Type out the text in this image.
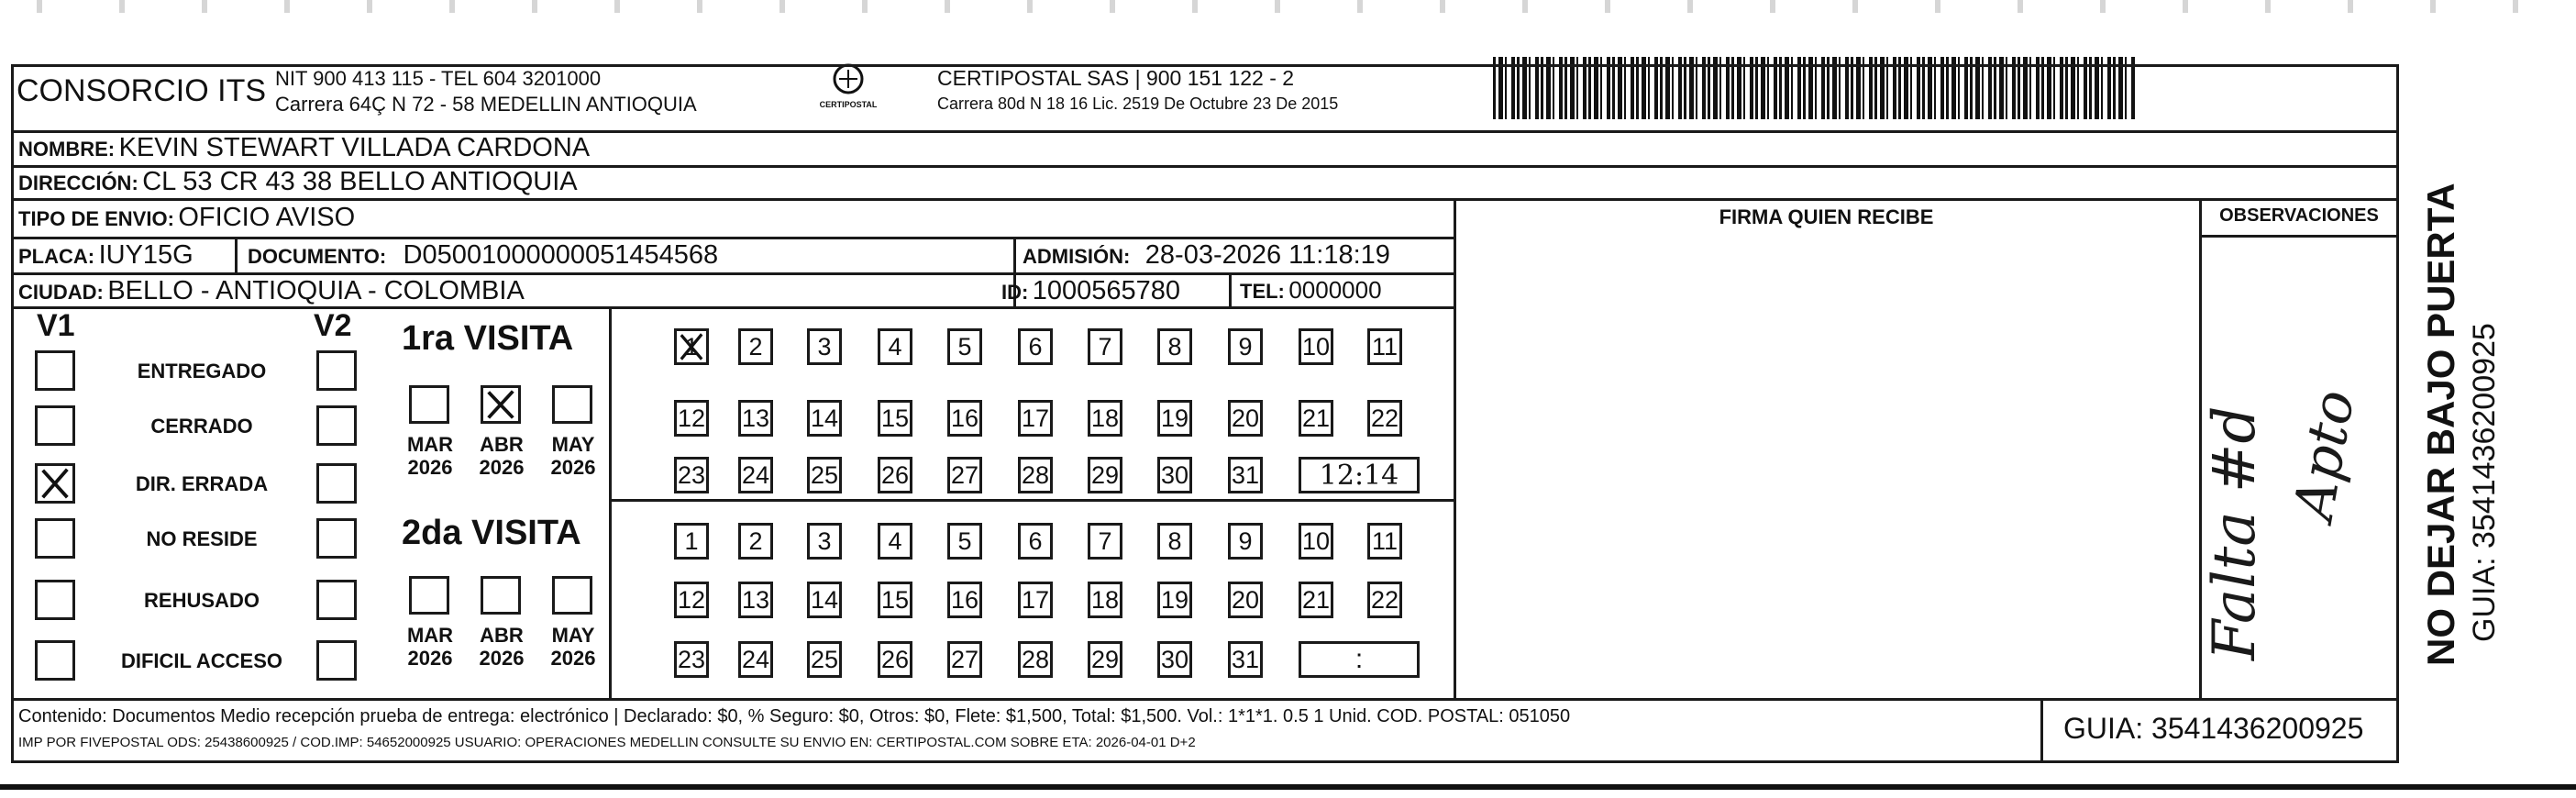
CONSORCIO ITS NIT 900 413 115 - TEL 604 3201000
Carrera 64Ç N 72 - 58 MEDELLIN ANTIOQUIA	CERTIPOSTAL
CERTIPOSTAL SAS | 900 151 122 - 2
Carrera 80d N 18 16 Lic. 2519 De Octubre 23 De 2015
NOMBRE: KEVIN STEWART VILLADA CARDONA
DIRECCIÓN: CL 53 CR 43 38 BELLO ANTIOQUIA
TIPO DE ENVIO: OFICIO AVISO	FIRMA QUIEN RECIBE	OBSERVACIONES
PLACA: IUY15G	DOCUMENTO: D05001000000051454568	ADMISIÓN: 28-03-2026 11:18:19
CIUDAD: BELLO - ANTIOQUIA - COLOMBIA	ID: 1000565780	TEL: 0000000
V1	V2
ENTREGADO
CERRADO
DIR. ERRADA
NO RESIDE
REHUSADO
DIFICIL ACCESO
1ra VISITA
2da VISITA
MAR
2026
ABR
2026
MAY
2026
MAR
2026
ABR
2026
MAY
2026
1	2	3	4	5	6	7	8	9	10 11
12 13 14 15 16 17 18 19 20 21 22
23 24 25 26 27 28 29 30 31	12:14
1	2	3	4	5	6	7	8	9	10 11
12 13 14 15 16 17 18 19 20 21 22
23 24 25 26 27 28 29 30 31	:	Falta #d Apto
Contenido: Documentos Medio recepción prueba de entrega: electrónico | Declarado: $0, % Seguro: $0, Otros: $0, Flete: $1,500, Total: $1,500. Vol.: 1*1*1. 0.5 1 Unid. COD. POSTAL: 051050
IMP POR FIVEPOSTAL ODS: 25438600925 / COD.IMP: 54652000925 USUARIO: OPERACIONES MEDELLIN CONSULTE SU ENVIO EN: CERTIPOSTAL.COM SOBRE ETA: 2026-04-01 D+2	GUIA: 3541436200925
NO DEJAR BAJO PUERTA GUIA: 3541436200925
